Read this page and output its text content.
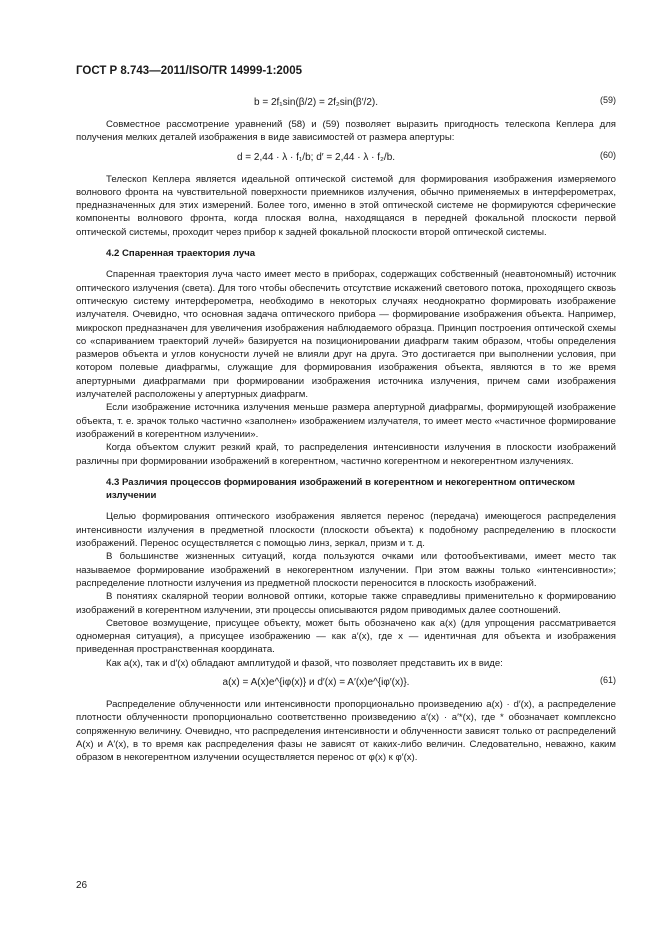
ГОСТ Р 8.743—2011/ISO/TR 14999-1:2005
b = 2f₁sin(β/2) = 2f₂sin(β′/2).	(59)

Совместное рассмотрение уравнений (58) и (59) позволяет выразить пригодность телескопа Кеплера для получения мелких деталей изображения в виде зависимостей от размера апертуры:

d = 2,44 · λ · f₁/b; d′ = 2,44 · λ · f₂/b.	(60)

Телескоп Кеплера является идеальной оптической системой для формирования изображения измеряемого волнового фронта на чувствительной поверхности приемников излучения, обычно применяемых в интерферометрах, предназначенных для этих измерений. Более того, именно в этой оптической системе не формируются сферические компоненты волнового фронта, когда плоская волна, находящаяся в передней фокальной плоскости первой оптической системы, проходит через прибор к задней фокальной плоскости второй оптической системы.

4.2 Спаренная траектория луча

Спаренная траектория луча часто имеет место в приборах, содержащих собственный (неавтономный) источник оптического излучения (света). Для того чтобы обеспечить отсутствие искажений светового потока, проходящего сквозь оптическую систему интерферометра, необходимо в некоторых случаях неоднократно формировать изображение излучателя. Очевидно, что основная задача оптического прибора — формирование изображения объекта. Например, микроскоп предназначен для увеличения изображения наблюдаемого образца. Принцип построения оптической схемы со «спариванием траекторий лучей» базируется на позиционировании диафрагм таким образом, чтобы определения размеров объекта и углов конусности лучей не влияли друг на друга. Это достигается при выполнении условия, при котором полевые диафрагмы, служащие для формирования изображения объекта, являются в то же время апертурными диафрагмами при формировании изображения источника излучения, причем сами изображения излучателей расположены у апертурных диафрагм.

Если изображение источника излучения меньше размера апертурной диафрагмы, формирующей изображение объекта, т. е. зрачок только частично «заполнен» изображением излучателя, то имеет место «частичное формирование изображений в когерентном излучении».

Когда объектом служит резкий край, то распределения интенсивности излучения в плоскости изображений различны при формировании изображений в когерентном, частично когерентном и некогерентном излучениях.

4.3 Различия процессов формирования изображений в когерентном и некогерентном оптическом излучении

Целью формирования оптического изображения является перенос (передача) имеющегося распределения интенсивности излучения в предметной плоскости (плоскости объекта) к подобному распределению в плоскости изображений. Перенос осуществляется с помощью линз, зеркал, призм и т. д.

В большинстве жизненных ситуаций, когда пользуются очками или фотообъективами, имеет место так называемое формирование изображений в некогерентном излучении. При этом важны только «интенсивности»; распределение плотности излучения из предметной плоскости переносится в плоскость изображений.

В понятиях скалярной теории волновой оптики, которые также справедливы применительно к формированию изображений в когерентном излучении, эти процессы описываются рядом приводимых далее соотношений.

Световое возмущение, присущее объекту, может быть обозначено как a(x) (для упрощения рассматривается одномерная ситуация), а присущее изображению — как a′(x), где x — идентичная для объекта и изображения приведенная пространственная координата.

Как a(x), так и d′(x) обладают амплитудой и фазой, что позволяет представить их в виде:

a(x) = A(x)e^{iφ(x)} и d′(x) = A′(x)e^{iφ′(x)}.	(61)

Распределение облученности или интенсивности пропорционально произведению a(x) · d′(x), а распределение плотности облученности пропорционально соответственно произведению a′(x) · a′*(x), где * обозначает комплексно сопряженную величину. Очевидно, что распределения интенсивности и облученности зависят только от распределений A(x) и A′(x), в то время как распределения фазы не зависят от каких-либо величин. Следовательно, неважно, каким образом в некогерентном излучении осуществляется перенос от φ(x) к φ′(x).

26
